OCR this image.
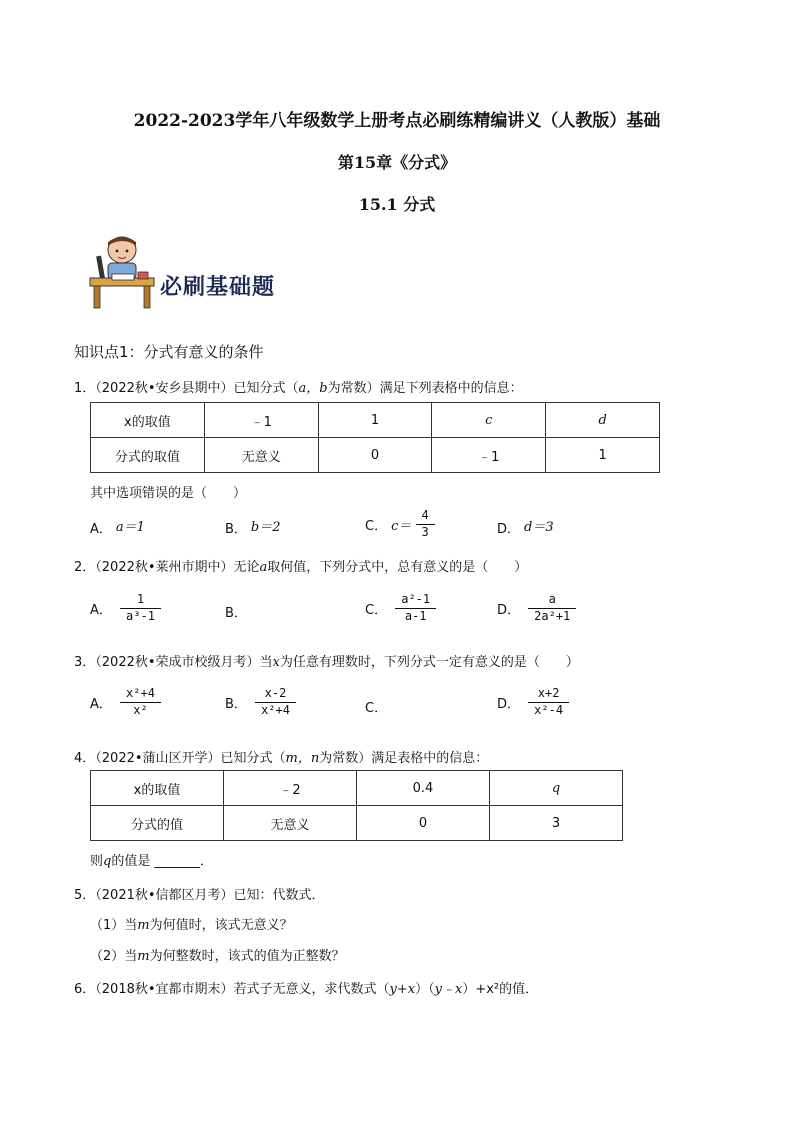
2022-2023学年八年级数学上册考点必刷练精编讲义（人教版）基础
第15章《分式》
15.1 分式
必刷基础题
知识点1：分式有意义的条件
1．（2022秋•安乡县期中）已知分式（a，b为常数）满足下列表格中的信息：
x的取值	﹣1	1	c	d
分式的取值	无意义	0	﹣1	1
其中选项错误的是（　　）
A． a＝1	B． b＝2	C． $c= \frac{4}{3}$	D． d＝3
2．（2022秋•莱州市期中）无论a取何值，下列分式中，总有意义的是（　　）
A． $\frac{1}{\text{a³-1}}$	B．	C． $\frac{\text{a²-1}}{a-1}$	D． $\frac{a}{\text{2a²+1}}$
3．（2022秋•荣成市校级月考）当x为任意有理数时，下列分式一定有意义的是（　　）
A． $\frac{\text{x²+4}}{\text{x²}}$	B． $\frac{x-2}{\text{x²+4}}$	C．	D． $\frac{x+2}{\text{x²-4}}$
4．（2022•蒲山区开学）已知分式（m，n为常数）满足表格中的信息：
x的取值	﹣2	0.4	q
分式的值	无意义	0	3
则q的值是 _______．
5．（2021秋•信都区月考）已知：代数式．
（1）当m为何值时，该式无意义？
（2）当m为何整数时，该式的值为正整数？
6．（2018秋•宜都市期末）若式子无意义，求代数式（y+x）（y﹣x）+x²的值．
